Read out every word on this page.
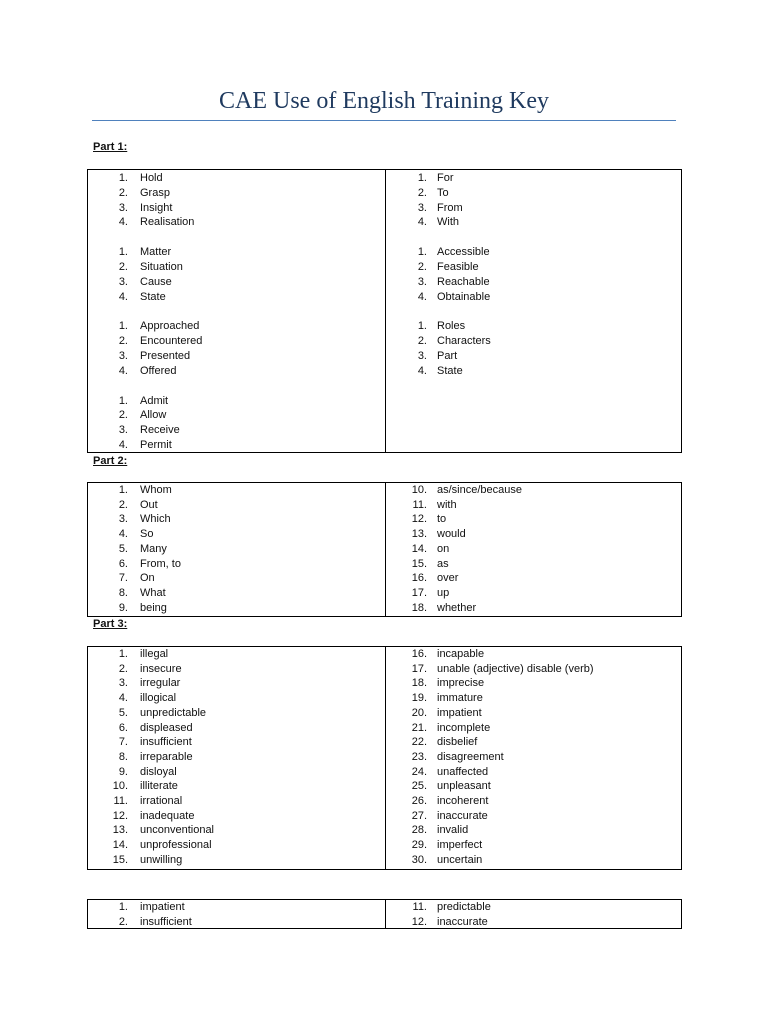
CAE Use of English Training Key
Part 1:
1. Hold
2. Grasp
3. Insight
4. Realisation
1. Matter
2. Situation
3. Cause
4. State
1. Approached
2. Encountered
3. Presented
4. Offered
1. Admit
2. Allow
3. Receive
4. Permit
1. For
2. To
3. From
4. With
1. Accessible
2. Feasible
3. Reachable
4. Obtainable
1. Roles
2. Characters
3. Part
4. State
Part 2:
1. Whom
2. Out
3. Which
4. So
5. Many
6. From, to
7. On
8. What
9. being
10. as/since/because
11. with
12. to
13. would
14. on
15. as
16. over
17. up
18. whether
Part 3:
1. illegal
2. insecure
3. irregular
4. illogical
5. unpredictable
6. displeased
7. insufficient
8. irreparable
9. disloyal
10. illiterate
11. irrational
12. inadequate
13. unconventional
14. unprofessional
15. unwilling
16. incapable
17. unable (adjective) disable (verb)
18. imprecise
19. immature
20. impatient
21. incomplete
22. disbelief
23. disagreement
24. unaffected
25. unpleasant
26. incoherent
27. inaccurate
28. invalid
29. imperfect
30. uncertain
1. impatient
2. insufficient
11. predictable
12. inaccurate
